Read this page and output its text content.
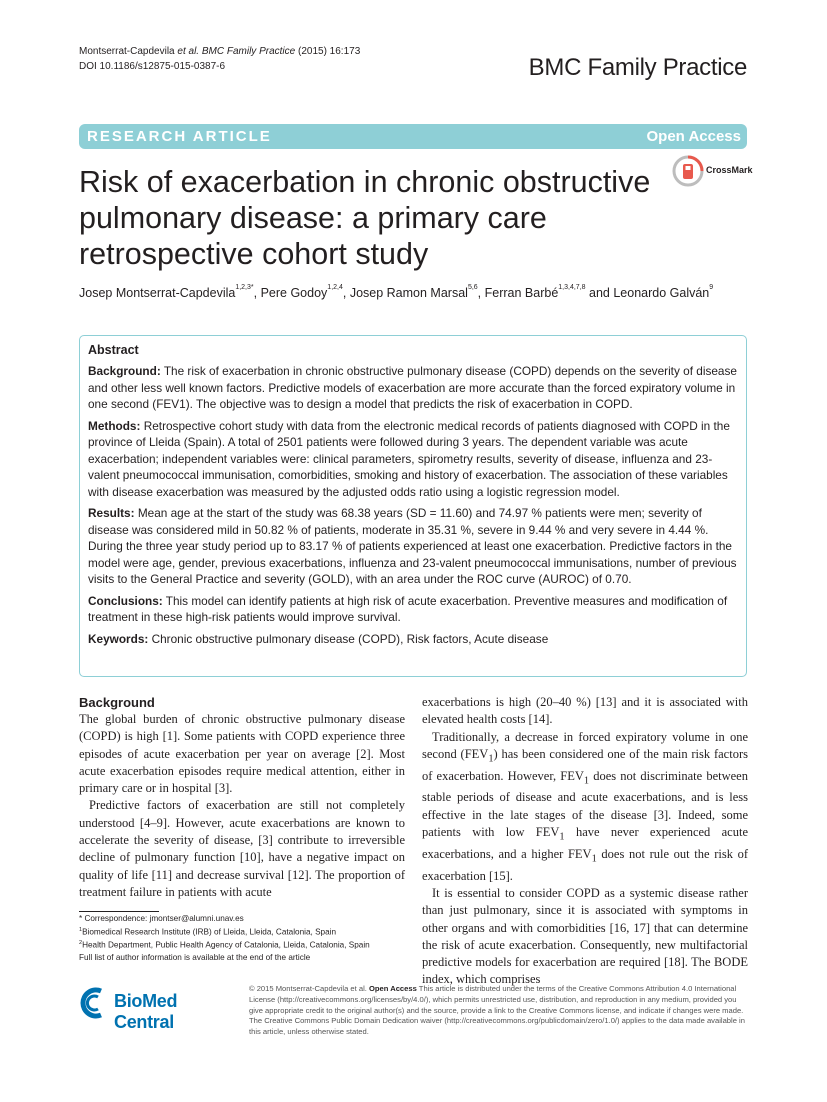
Montserrat-Capdevila et al. BMC Family Practice (2015) 16:173
DOI 10.1186/s12875-015-0387-6	BMC Family Practice
RESEARCH ARTICLE	Open Access
Risk of exacerbation in chronic obstructive pulmonary disease: a primary care retrospective cohort study
CrossMark
Josep Montserrat-Capdevila$^{1,2,3*}$, Pere Godoy$^{1,2,4}$, Josep Ramon Marsal$^{5,6}$, Ferran Barbé$^{1,3,4,7,8}$ and Leonardo Galván$^9$
Abstract

Background: The risk of exacerbation in chronic obstructive pulmonary disease (COPD) depends on the severity of disease and other less well known factors. Predictive models of exacerbation are more accurate than the forced expiratory volume in one second (FEV1). The objective was to design a model that predicts the risk of exacerbation in COPD.

Methods: Retrospective cohort study with data from the electronic medical records of patients diagnosed with COPD in the province of Lleida (Spain). A total of 2501 patients were followed during 3 years. The dependent variable was acute exacerbation; independent variables were: clinical parameters, spirometry results, severity of disease, influenza and 23-valent pneumococcal immunisation, comorbidities, smoking and history of exacerbation. The association of these variables with disease exacerbation was measured by the adjusted odds ratio using a logistic regression model.

Results: Mean age at the start of the study was 68.38 years (SD = 11.60) and 74.97 % patients were men; severity of disease was considered mild in 50.82 % of patients, moderate in 35.31 %, severe in 9.44 % and very severe in 4.44 %. During the three year study period up to 83.17 % of patients experienced at least one exacerbation. Predictive factors in the model were age, gender, previous exacerbations, influenza and 23-valent pneumococcal immunisations, number of previous visits to the General Practice and severity (GOLD), with an area under the ROC curve (AUROC) of 0.70.

Conclusions: This model can identify patients at high risk of acute exacerbation. Preventive measures and modification of treatment in these high-risk patients would improve survival.

Keywords: Chronic obstructive pulmonary disease (COPD), Risk factors, Acute disease

Background

The global burden of chronic obstructive pulmonary disease (COPD) is high [1]. Some patients with COPD experience three episodes of acute exacerbation per year on average [2]. Most acute exacerbation episodes require medical attention, either in primary care or in hospital [3].

Predictive factors of exacerbation are still not completely understood [4–9]. However, acute exacerbations are known to accelerate the severity of disease, [3] contribute to irreversible decline of pulmonary function [10], have a negative impact on quality of life [11] and decrease survival [12]. The proportion of treatment failure in patients with acute

exacerbations is high (20–40 %) [13] and it is associated with elevated health costs [14].

Traditionally, a decrease in forced expiratory volume in one second $(FEV_1)$ has been considered one of the main risk factors of exacerbation. However, $FEV_1$ does not discriminate between stable periods of disease and acute exacerbations, and is less effective in the late stages of the disease [3]. Indeed, some patients with low $FEV_1$ have never experienced acute exacerbations, and a higher $FEV_1$ does not rule out the risk of exacerbation [15].

It is essential to consider COPD as a systemic disease rather than just pulmonary, since it is associated with symptoms in other organs and with comorbidities [16, 17] that can determine the risk of acute exacerbation. Consequently, new multifactorial predictive models for exacerbation are required [18]. The BODE index, which comprises

* Correspondence: jmontser@alumni.unav.es
$^1$Biomedical Research Institute (IRB) of Lleida, Lleida, Catalonia, Spain
$^2$Health Department, Public Health Agency of Catalonia, Lleida, Catalonia, Spain
Full list of author information is available at the end of the article
BioMed Central
© 2015 Montserrat-Capdevila et al. Open Access This article is distributed under the terms of the Creative Commons Attribution 4.0 International License (http://creativecommons.org/licenses/by/4.0/), which permits unrestricted use, distribution, and reproduction in any medium, provided you give appropriate credit to the original author(s) and the source, provide a link to the Creative Commons license, and indicate if changes were made. The Creative Commons Public Domain Dedication waiver (http://creativecommons.org/publicdomain/zero/1.0/) applies to the data made available in this article, unless otherwise stated.
